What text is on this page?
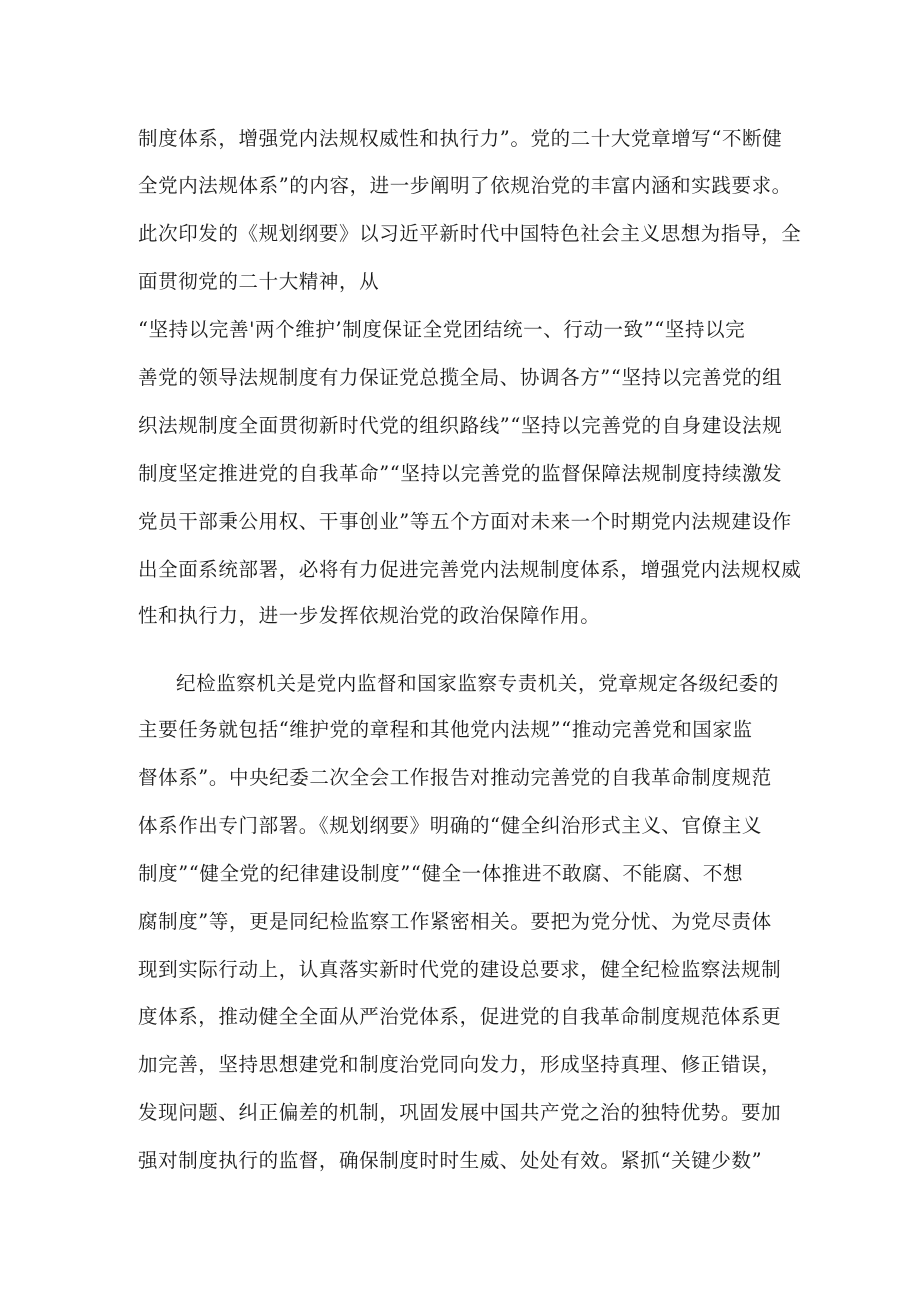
制度体系，增强党内法规权威性和执行力”。党的二十大党章增写“不断健
全党内法规体系”的内容，进一步阐明了依规治党的丰富内涵和实践要求。
此次印发的《规划纲要》以习近平新时代中国特色社会主义思想为指导，全
面贯彻党的二十大精神，从
“坚持以完善'两个维护’制度保证全党团结统一、行动一致”“坚持以完
善党的领导法规制度有力保证党总揽全局、协调各方”“坚持以完善党的组
织法规制度全面贯彻新时代党的组织路线”“坚持以完善党的自身建设法规
制度坚定推进党的自我革命”“坚持以完善党的监督保障法规制度持续激发
党员干部秉公用权、干事创业”等五个方面对未来一个时期党内法规建设作
出全面系统部署，必将有力促进完善党内法规制度体系，增强党内法规权威
性和执行力，进一步发挥依规治党的政治保障作用。
纪检监察机关是党内监督和国家监察专责机关，党章规定各级纪委的
主要任务就包括“维护党的章程和其他党内法规”“推动完善党和国家监
督体系”。中央纪委二次全会工作报告对推动完善党的自我革命制度规范
体系作出专门部署。《规划纲要》明确的“健全纠治形式主义、官僚主义
制度”“健全党的纪律建设制度”“健全一体推进不敢腐、不能腐、不想
腐制度”等，更是同纪检监察工作紧密相关。要把为党分忧、为党尽责体
现到实际行动上，认真落实新时代党的建设总要求，健全纪检监察法规制
度体系，推动健全全面从严治党体系，促进党的自我革命制度规范体系更
加完善，坚持思想建党和制度治党同向发力，形成坚持真理、修正错误，
发现问题、纠正偏差的机制，巩固发展中国共产党之治的独特优势。要加
强对制度执行的监督，确保制度时时生威、处处有效。紧抓“关键少数”
